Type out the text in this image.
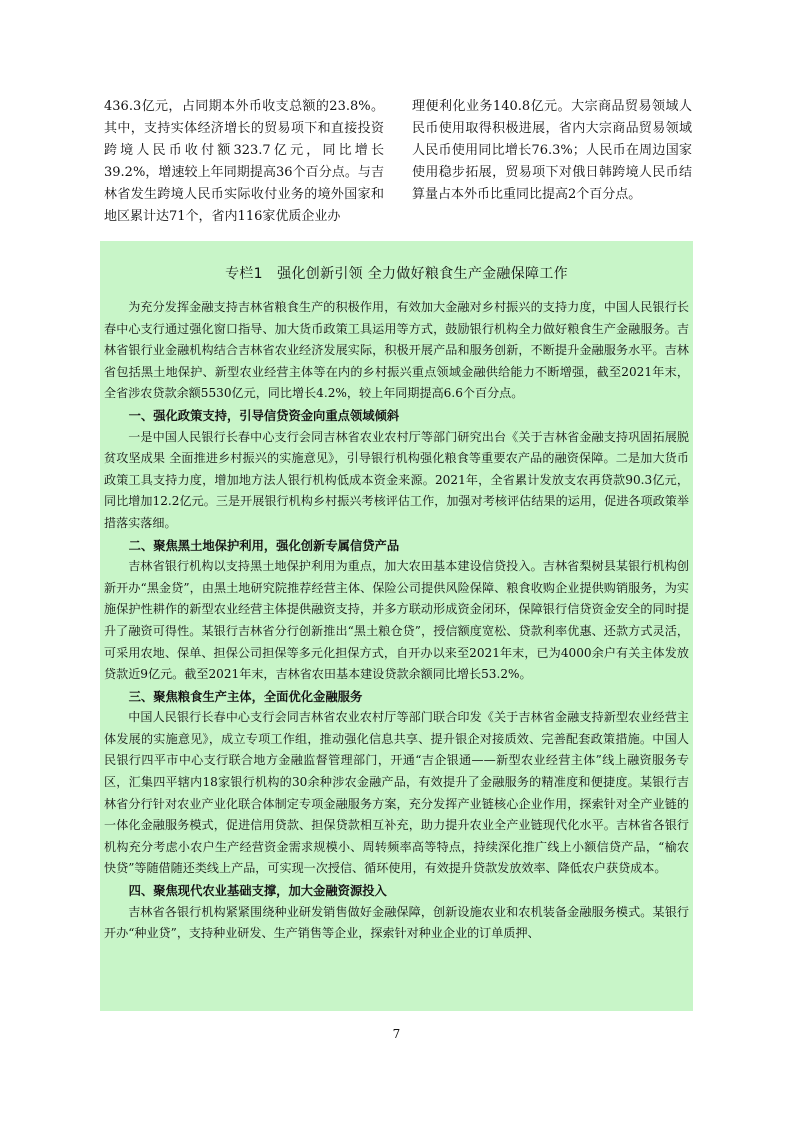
436.3亿元，占同期本外币收支总额的23.8%。其中，支持实体经济增长的贸易项下和直接投资跨境人民币收付额323.7亿元，同比增长39.2%，增速较上年同期提高36个百分点。与吉林省发生跨境人民币实际收付业务的境外国家和地区累计达71个，省内116家优质企业办
理便利化业务140.8亿元。大宗商品贸易领域人民币使用取得积极进展，省内大宗商品贸易领域人民币使用同比增长76.3%；人民币在周边国家使用稳步拓展，贸易项下对俄日韩跨境人民币结算量占本外币比重同比提高2个百分点。
专栏1　强化创新引领 全力做好粮食生产金融保障工作

为充分发挥金融支持吉林省粮食生产的积极作用，有效加大金融对乡村振兴的支持力度，中国人民银行长春中心支行通过强化窗口指导、加大货币政策工具运用等方式，鼓励银行机构全力做好粮食生产金融服务。吉林省银行业金融机构结合吉林省农业经济发展实际，积极开展产品和服务创新，不断提升金融服务水平。吉林省包括黑土地保护、新型农业经营主体等在内的乡村振兴重点领域金融供给能力不断增强，截至2021年末，全省涉农贷款余额5530亿元，同比增长4.2%，较上年同期提高6.6个百分点。

一、强化政策支持，引导信贷资金向重点领域倾斜

一是中国人民银行长春中心支行会同吉林省农业农村厅等部门研究出台《关于吉林省金融支持巩固拓展脱贫攻坚成果 全面推进乡村振兴的实施意见》，引导银行机构强化粮食等重要农产品的融资保障。二是加大货币政策工具支持力度，增加地方法人银行机构低成本资金来源。2021年，全省累计发放支农再贷款90.3亿元，同比增加12.2亿元。三是开展银行机构乡村振兴考核评估工作，加强对考核评估结果的运用，促进各项政策举措落实落细。

二、聚焦黑土地保护利用，强化创新专属信贷产品

吉林省银行机构以支持黑土地保护利用为重点，加大农田基本建设信贷投入。吉林省梨树县某银行机构创新开办“黑金贷”，由黑土地研究院推荐经营主体、保险公司提供风险保障、粮食收购企业提供购销服务，为实施保护性耕作的新型农业经营主体提供融资支持，并多方联动形成资金闭环，保障银行信贷资金安全的同时提升了融资可得性。某银行吉林省分行创新推出“黑土粮仓贷”，授信额度宽松、贷款利率优惠、还款方式灵活，可采用农地、保单、担保公司担保等多元化担保方式，自开办以来至2021年末，已为4000余户有关主体发放贷款近9亿元。截至2021年末，吉林省农田基本建设贷款余额同比增长53.2%。

三、聚焦粮食生产主体，全面优化金融服务

中国人民银行长春中心支行会同吉林省农业农村厅等部门联合印发《关于吉林省金融支持新型农业经营主体发展的实施意见》，成立专项工作组，推动强化信息共享、提升银企对接质效、完善配套政策措施。中国人民银行四平市中心支行联合地方金融监督管理部门，开通“吉企银通——新型农业经营主体”线上融资服务专区，汇集四平辖内18家银行机构的30余种涉农金融产品，有效提升了金融服务的精准度和便捷度。某银行吉林省分行针对农业产业化联合体制定专项金融服务方案，充分发挥产业链核心企业作用，探索针对全产业链的一体化金融服务模式，促进信用贷款、担保贷款相互补充，助力提升农业全产业链现代化水平。吉林省各银行机构充分考虑小农户生产经营资金需求规模小、周转频率高等特点，持续深化推广线上小额信贷产品，“榆农快贷”等随借随还类线上产品，可实现一次授信、循环使用，有效提升贷款发放效率、降低农户获贷成本。

四、聚焦现代农业基础支撑，加大金融资源投入

吉林省各银行机构紧紧围绕种业研发销售做好金融保障，创新设施农业和农机装备金融服务模式。某银行开办“种业贷”，支持种业研发、生产销售等企业，探索针对种业企业的订单质押、

7
